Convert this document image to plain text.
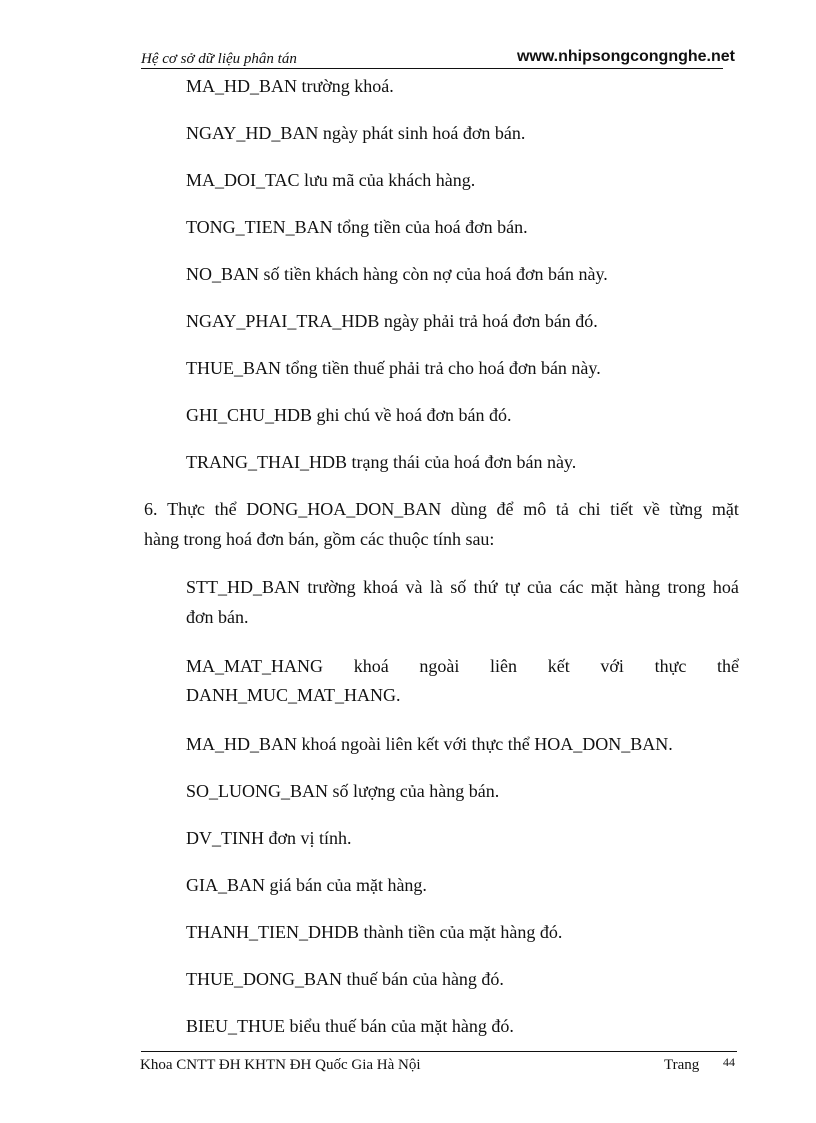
Hệ cơ sở dữ liệu phân tán	www.nhipsongcongnghe.net
MA_HD_BAN trường khoá.
NGAY_HD_BAN ngày phát sinh hoá đơn bán.
MA_DOI_TAC lưu mã của khách hàng.
TONG_TIEN_BAN tổng tiền của hoá đơn bán.
NO_BAN số tiền khách hàng còn nợ của hoá đơn bán này.
NGAY_PHAI_TRA_HDB ngày phải trả hoá đơn bán đó.
THUE_BAN tổng tiền thuế phải trả cho hoá đơn bán này.
GHI_CHU_HDB ghi chú về hoá đơn bán đó.
TRANG_THAI_HDB trạng thái của hoá đơn bán này.
6. Thực thể DONG_HOA_DON_BAN dùng để mô tả chi tiết về từng mặt
hàng trong hoá đơn bán, gồm các thuộc tính sau:
STT_HD_BAN trường khoá và là số thứ tự của các mặt hàng trong hoá
đơn bán.
MA_MAT_HANG khoá ngoài liên kết với thực thể
DANH_MUC_MAT_HANG.
MA_HD_BAN khoá ngoài liên kết với thực thể HOA_DON_BAN.
SO_LUONG_BAN số lượng của hàng bán.
DV_TINH đơn vị tính.
GIA_BAN giá bán của mặt hàng.
THANH_TIEN_DHDB thành tiền của mặt hàng đó.
THUE_DONG_BAN thuế bán của hàng đó.
BIEU_THUE biểu thuế bán của mặt hàng đó.
Khoa CNTT ĐH KHTN ĐH Quốc Gia Hà Nội	Trang 44
